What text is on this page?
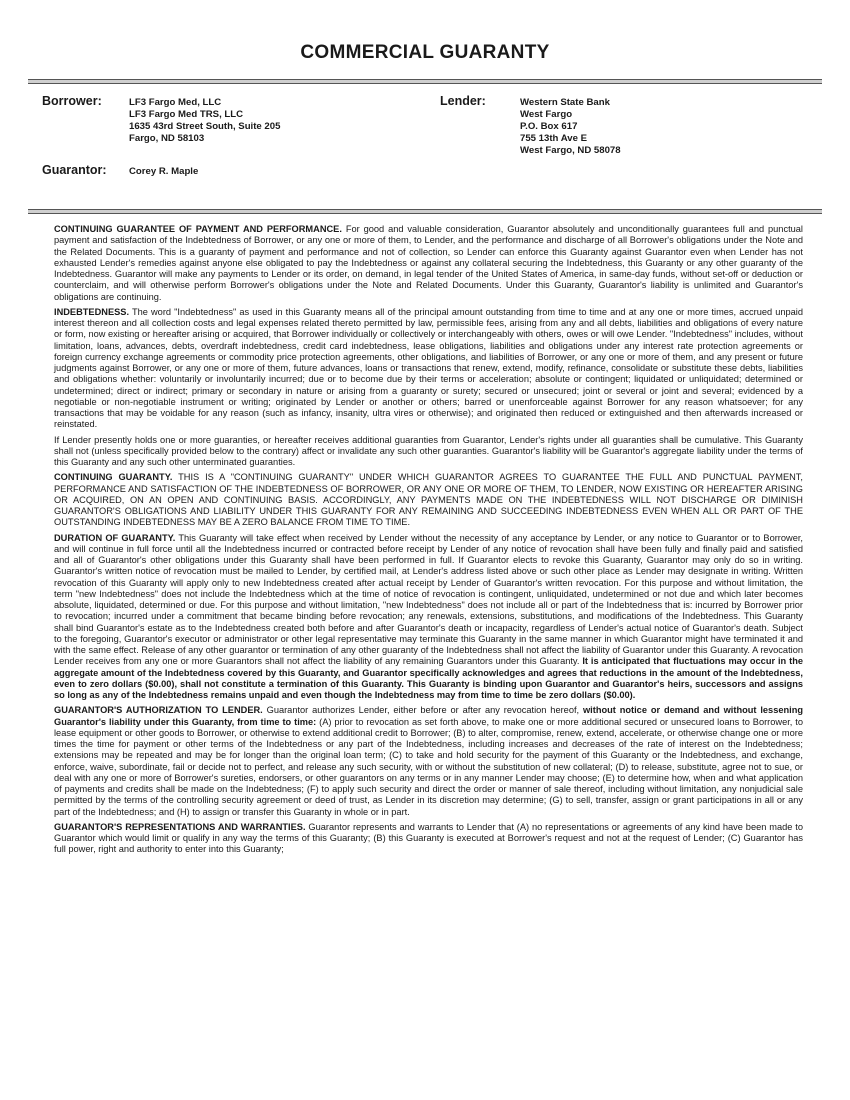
COMMERCIAL GUARANTY
Borrower:	LF3 Fargo Med, LLC
LF3 Fargo Med TRS, LLC
1635 43rd Street South, Suite 205
Fargo, ND 58103
Lender:	Western State Bank
West Fargo
P.O. Box 617
755 13th Ave E
West Fargo, ND 58078
Guarantor: Corey R. Maple

CONTINUING GUARANTEE OF PAYMENT AND PERFORMANCE. For good and valuable consideration, Guarantor absolutely and unconditionally guarantees full and punctual payment and satisfaction of the Indebtedness of Borrower, or any one or more of them, to Lender, and the performance and discharge of all Borrower's obligations under the Note and the Related Documents. This is a guaranty of payment and performance and not of collection, so Lender can enforce this Guaranty against Guarantor even when Lender has not exhausted Lender's remedies against anyone else obligated to pay the Indebtedness or against any collateral securing the Indebtedness, this Guaranty or any other guaranty of the Indebtedness. Guarantor will make any payments to Lender or its order, on demand, in legal tender of the United States of America, in same-day funds, without set-off or deduction or counterclaim, and will otherwise perform Borrower's obligations under the Note and Related Documents. Under this Guaranty, Guarantor's liability is unlimited and Guarantor's obligations are continuing.

INDEBTEDNESS. The word "Indebtedness" as used in this Guaranty means all of the principal amount outstanding from time to time and at any one or more times, accrued unpaid interest thereon and all collection costs and legal expenses related thereto permitted by law, permissible fees, arising from any and all debts, liabilities and obligations of every nature or form, now existing or hereafter arising or acquired, that Borrower individually or collectively or interchangeably with others, owes or will owe Lender. "Indebtedness" includes, without limitation, loans, advances, debts, overdraft indebtedness, credit card indebtedness, lease obligations, liabilities and obligations under any interest rate protection agreements or foreign currency exchange agreements or commodity price protection agreements, other obligations, and liabilities of Borrower, or any one or more of them, and any present or future judgments against Borrower, or any one or more of them, future advances, loans or transactions that renew, extend, modify, refinance, consolidate or substitute these debts, liabilities and obligations whether: voluntarily or involuntarily incurred; due or to become due by their terms or acceleration; absolute or contingent; liquidated or unliquidated; determined or undetermined; direct or indirect; primary or secondary in nature or arising from a guaranty or surety; secured or unsecured; joint or several or joint and several; evidenced by a negotiable or non-negotiable instrument or writing; originated by Lender or another or others; barred or unenforceable against Borrower for any reason whatsoever; for any transactions that may be voidable for any reason (such as infancy, insanity, ultra vires or otherwise); and originated then reduced or extinguished and then afterwards increased or reinstated.

If Lender presently holds one or more guaranties, or hereafter receives additional guaranties from Guarantor, Lender's rights under all guaranties shall be cumulative. This Guaranty shall not (unless specifically provided below to the contrary) affect or invalidate any such other guaranties. Guarantor's liability will be Guarantor's aggregate liability under the terms of this Guaranty and any such other unterminated guaranties.

CONTINUING GUARANTY. THIS IS A "CONTINUING GUARANTY" UNDER WHICH GUARANTOR AGREES TO GUARANTEE THE FULL AND PUNCTUAL PAYMENT, PERFORMANCE AND SATISFACTION OF THE INDEBTEDNESS OF BORROWER, OR ANY ONE OR MORE OF THEM, TO LENDER, NOW EXISTING OR HEREAFTER ARISING OR ACQUIRED, ON AN OPEN AND CONTINUING BASIS. ACCORDINGLY, ANY PAYMENTS MADE ON THE INDEBTEDNESS WILL NOT DISCHARGE OR DIMINISH GUARANTOR'S OBLIGATIONS AND LIABILITY UNDER THIS GUARANTY FOR ANY REMAINING AND SUCCEEDING INDEBTEDNESS EVEN WHEN ALL OR PART OF THE OUTSTANDING INDEBTEDNESS MAY BE A ZERO BALANCE FROM TIME TO TIME.

DURATION OF GUARANTY. This Guaranty will take effect when received by Lender without the necessity of any acceptance by Lender, or any notice to Guarantor or to Borrower, and will continue in full force until all the Indebtedness incurred or contracted before receipt by Lender of any notice of revocation shall have been fully and finally paid and satisfied and all of Guarantor's other obligations under this Guaranty shall have been performed in full. If Guarantor elects to revoke this Guaranty, Guarantor may only do so in writing. Guarantor's written notice of revocation must be mailed to Lender, by certified mail, at Lender's address listed above or such other place as Lender may designate in writing. Written revocation of this Guaranty will apply only to new Indebtedness created after actual receipt by Lender of Guarantor's written revocation. For this purpose and without limitation, the term "new Indebtedness" does not include the Indebtedness which at the time of notice of revocation is contingent, unliquidated, undetermined or not due and which later becomes absolute, liquidated, determined or due. For this purpose and without limitation, "new Indebtedness" does not include all or part of the Indebtedness that is: incurred by Borrower prior to revocation; incurred under a commitment that became binding before revocation; any renewals, extensions, substitutions, and modifications of the Indebtedness. This Guaranty shall bind Guarantor's estate as to the Indebtedness created both before and after Guarantor's death or incapacity, regardless of Lender's actual notice of Guarantor's death. Subject to the foregoing, Guarantor's executor or administrator or other legal representative may terminate this Guaranty in the same manner in which Guarantor might have terminated it and with the same effect. Release of any other guarantor or termination of any other guaranty of the Indebtedness shall not affect the liability of Guarantor under this Guaranty. A revocation Lender receives from any one or more Guarantors shall not affect the liability of any remaining Guarantors under this Guaranty. It is anticipated that fluctuations may occur in the aggregate amount of the Indebtedness covered by this Guaranty, and Guarantor specifically acknowledges and agrees that reductions in the amount of the Indebtedness, even to zero dollars ($0.00), shall not constitute a termination of this Guaranty. This Guaranty is binding upon Guarantor and Guarantor's heirs, successors and assigns so long as any of the Indebtedness remains unpaid and even though the Indebtedness may from time to time be zero dollars ($0.00).

GUARANTOR'S AUTHORIZATION TO LENDER. Guarantor authorizes Lender, either before or after any revocation hereof, without notice or demand and without lessening Guarantor's liability under this Guaranty, from time to time: (A) prior to revocation as set forth above, to make one or more additional secured or unsecured loans to Borrower, to lease equipment or other goods to Borrower, or otherwise to extend additional credit to Borrower; (B) to alter, compromise, renew, extend, accelerate, or otherwise change one or more times the time for payment or other terms of the Indebtedness or any part of the Indebtedness, including increases and decreases of the rate of interest on the Indebtedness; extensions may be repeated and may be for longer than the original loan term; (C) to take and hold security for the payment of this Guaranty or the Indebtedness, and exchange, enforce, waive, subordinate, fail or decide not to perfect, and release any such security, with or without the substitution of new collateral; (D) to release, substitute, agree not to sue, or deal with any one or more of Borrower's sureties, endorsers, or other guarantors on any terms or in any manner Lender may choose; (E) to determine how, when and what application of payments and credits shall be made on the Indebtedness; (F) to apply such security and direct the order or manner of sale thereof, including without limitation, any nonjudicial sale permitted by the terms of the controlling security agreement or deed of trust, as Lender in its discretion may determine; (G) to sell, transfer, assign or grant participations in all or any part of the Indebtedness; and (H) to assign or transfer this Guaranty in whole or in part.

GUARANTOR'S REPRESENTATIONS AND WARRANTIES. Guarantor represents and warrants to Lender that (A) no representations or agreements of any kind have been made to Guarantor which would limit or qualify in any way the terms of this Guaranty; (B) this Guaranty is executed at Borrower's request and not at the request of Lender; (C) Guarantor has full power, right and authority to enter into this Guaranty;
